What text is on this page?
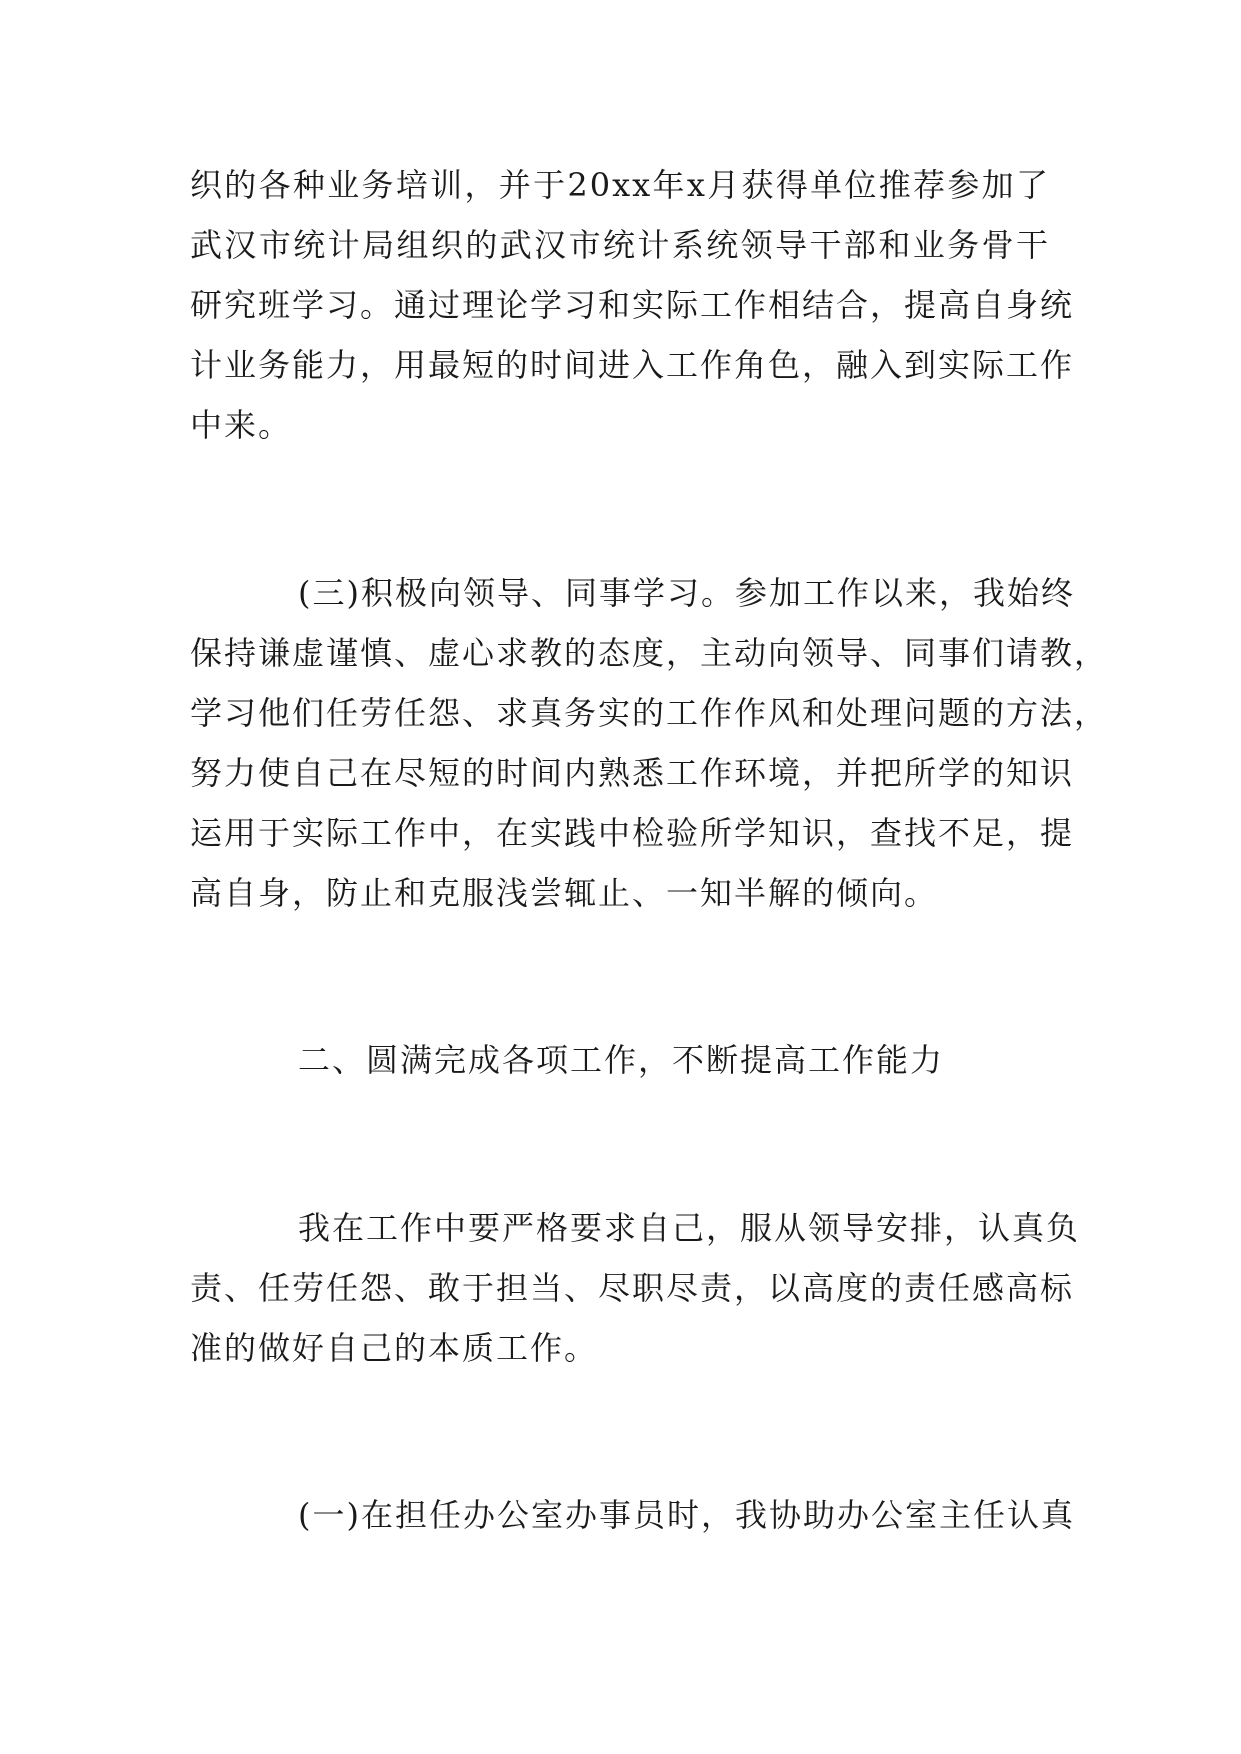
织的各种业务培训，并于20xx年x月获得单位推荐参加了
武汉市统计局组织的武汉市统计系统领导干部和业务骨干
研究班学习。通过理论学习和实际工作相结合，提高自身统
计业务能力，用最短的时间进入工作角色，融入到实际工作
中来。
(三)积极向领导、同事学习。参加工作以来，我始终
保持谦虚谨慎、虚心求教的态度，主动向领导、同事们请教，
学习他们任劳任怨、求真务实的工作作风和处理问题的方法，
努力使自己在尽短的时间内熟悉工作环境，并把所学的知识
运用于实际工作中，在实践中检验所学知识，查找不足，提
高自身，防止和克服浅尝辄止、一知半解的倾向。
二、圆满完成各项工作，不断提高工作能力
我在工作中要严格要求自己，服从领导安排，认真负
责、任劳任怨、敢于担当、尽职尽责，以高度的责任感高标
准的做好自己的本质工作。
(一)在担任办公室办事员时，我协助办公室主任认真
